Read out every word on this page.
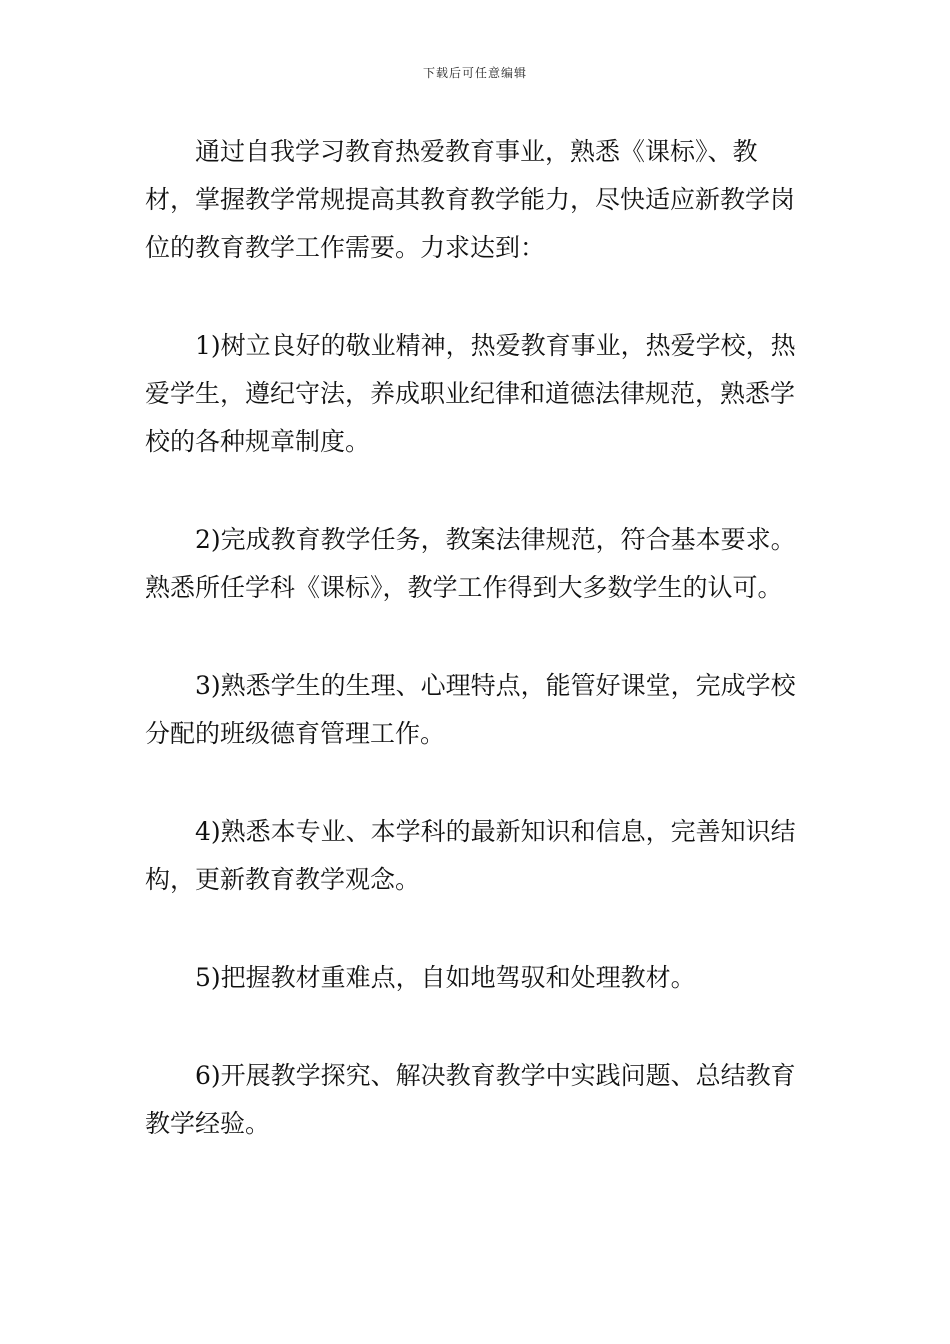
下载后可任意编辑

通过自我学习教育热爱教育事业，熟悉《课标》、教材，掌握教学常规提高其教育教学能力，尽快适应新教学岗位的教育教学工作需要。力求达到：

1)树立良好的敬业精神，热爱教育事业，热爱学校，热爱学生，遵纪守法，养成职业纪律和道德法律规范，熟悉学校的各种规章制度。

2)完成教育教学任务，教案法律规范，符合基本要求。熟悉所任学科《课标》，教学工作得到大多数学生的认可。

3)熟悉学生的生理、心理特点，能管好课堂，完成学校分配的班级德育管理工作。

4)熟悉本专业、本学科的最新知识和信息，完善知识结构，更新教育教学观念。

5)把握教材重难点，自如地驾驭和处理教材。

6)开展教学探究、解决教育教学中实践问题、总结教育教学经验。
